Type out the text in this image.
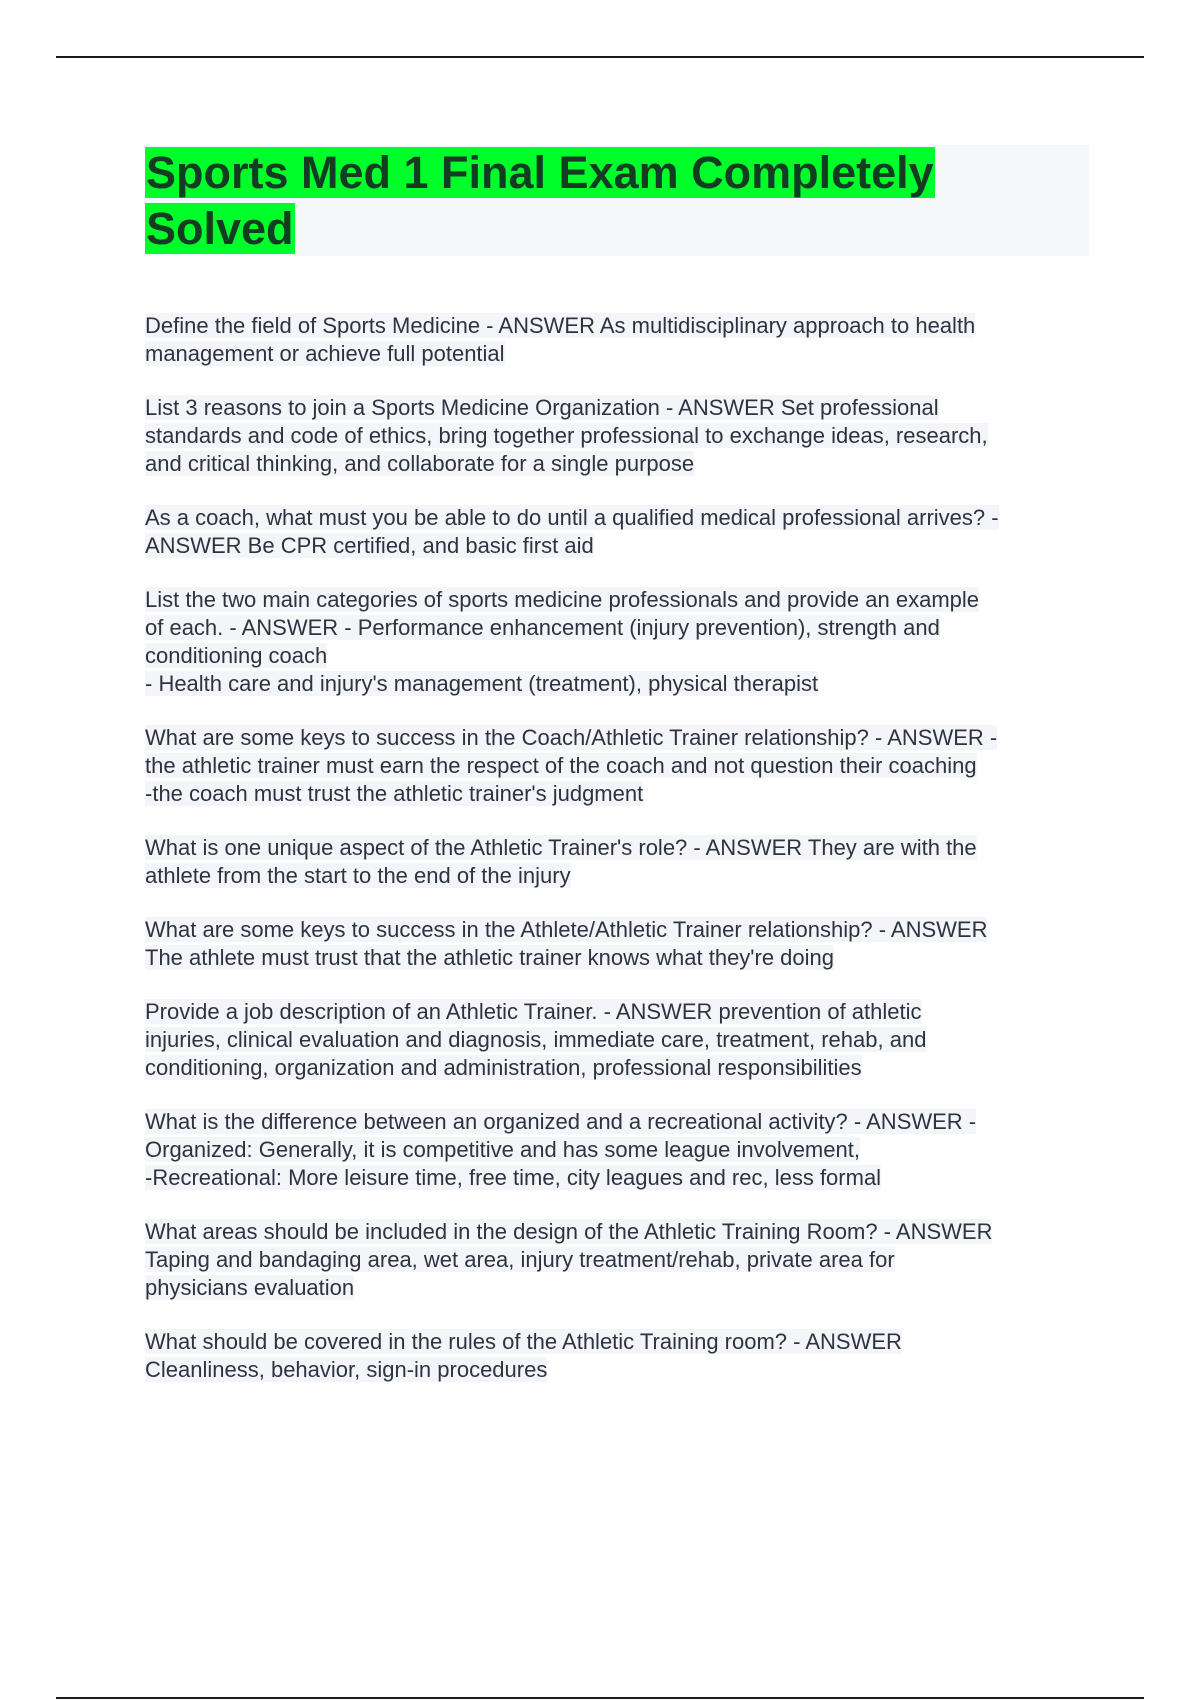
Sports Med 1 Final Exam Completely
Solved
Define the field of Sports Medicine - ANSWER As multidisciplinary approach to health
management or achieve full potential
List 3 reasons to join a Sports Medicine Organization - ANSWER Set professional
standards and code of ethics, bring together professional to exchange ideas, research,
and critical thinking, and collaborate for a single purpose
As a coach, what must you be able to do until a qualified medical professional arrives? -
ANSWER Be CPR certified, and basic first aid
List the two main categories of sports medicine professionals and provide an example
of each. - ANSWER - Performance enhancement (injury prevention), strength and
conditioning coach
- Health care and injury's management (treatment), physical therapist
What are some keys to success in the Coach/Athletic Trainer relationship? - ANSWER -
the athletic trainer must earn the respect of the coach and not question their coaching
-the coach must trust the athletic trainer's judgment
What is one unique aspect of the Athletic Trainer's role? - ANSWER They are with the
athlete from the start to the end of the injury
What are some keys to success in the Athlete/Athletic Trainer relationship? - ANSWER
The athlete must trust that the athletic trainer knows what they're doing
Provide a job description of an Athletic Trainer. - ANSWER prevention of athletic
injuries, clinical evaluation and diagnosis, immediate care, treatment, rehab, and
conditioning, organization and administration, professional responsibilities
What is the difference between an organized and a recreational activity? - ANSWER -
Organized: Generally, it is competitive and has some league involvement,
-Recreational: More leisure time, free time, city leagues and rec, less formal
What areas should be included in the design of the Athletic Training Room? - ANSWER
Taping and bandaging area, wet area, injury treatment/rehab, private area for
physicians evaluation
What should be covered in the rules of the Athletic Training room? - ANSWER
Cleanliness, behavior, sign-in procedures
